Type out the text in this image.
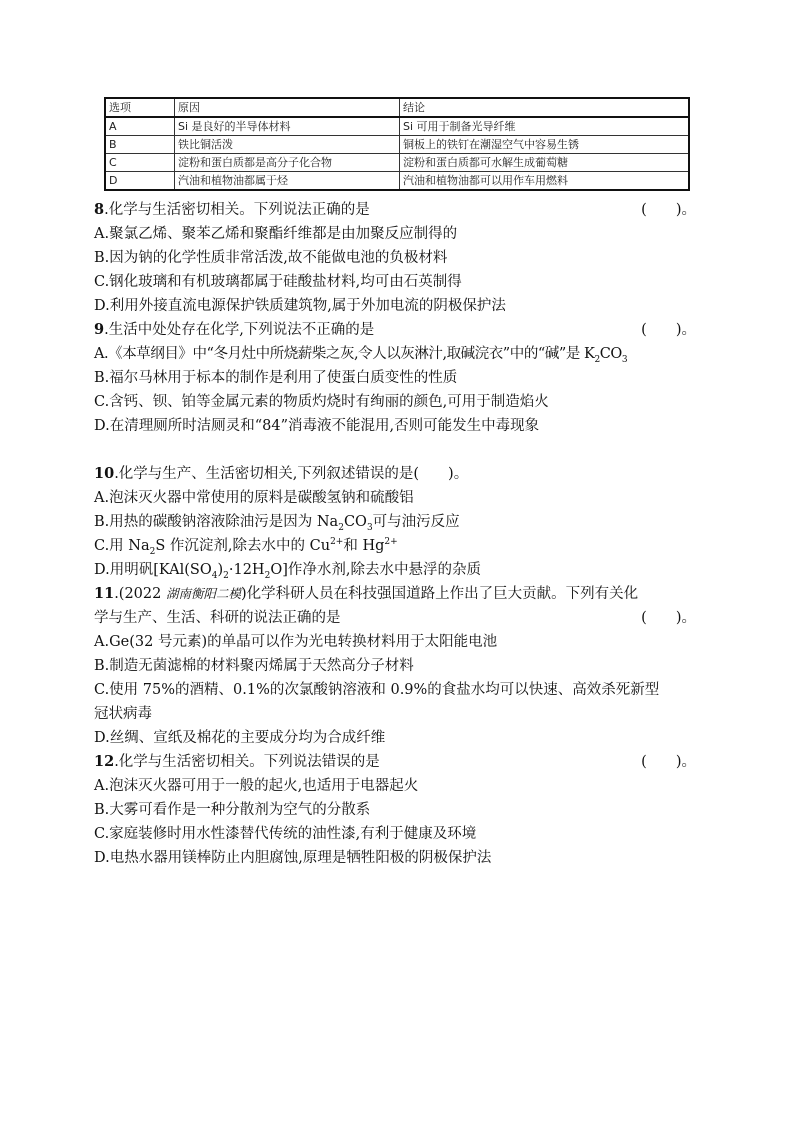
选项	原因	结论
A	Si 是良好的半导体材料	Si 可用于制备光导纤维
B	铁比铜活泼	铜板上的铁钉在潮湿空气中容易生锈
C	淀粉和蛋白质都是高分子化合物	淀粉和蛋白质都可水解生成葡萄糖
D	汽油和植物油都属于烃	汽油和植物油都可以用作车用燃料
8.化学与生活密切相关。下列说法正确的是	(　　)。
A.聚氯乙烯、聚苯乙烯和聚酯纤维都是由加聚反应制得的
B.因为钠的化学性质非常活泼,故不能做电池的负极材料
C.钢化玻璃和有机玻璃都属于硅酸盐材料,均可由石英制得
D.利用外接直流电源保护铁质建筑物,属于外加电流的阴极保护法
9.生活中处处存在化学,下列说法不正确的是	(　　)。
A.《本草纲目》中“冬月灶中所烧薪柴之灰,令人以灰淋汁,取碱浣衣”中的“碱”是 $K_2CO_3$
B.福尔马林用于标本的制作是利用了使蛋白质变性的性质
C.含钙、钡、铂等金属元素的物质灼烧时有绚丽的颜色,可用于制造焰火
D.在清理厕所时洁厕灵和“84”消毒液不能混用,否则可能发生中毒现象
10.化学与生产、生活密切相关,下列叙述错误的是(　　)。
A.泡沫灭火器中常使用的原料是碳酸氢钠和硫酸铝
B.用热的碳酸钠溶液除油污是因为 $Na_2CO_3$可与油污反应
C.用 $Na_2S$ 作沉淀剂,除去水中的 $Cu^{2+}$和 $Hg^{2+}$
D.用明矾$[KAl(SO_4)_2\cdot 12H_2O]$作净水剂,除去水中悬浮的杂质
11.(2022 湖南衡阳二模)化学科研人员在科技强国道路上作出了巨大贡献。下列有关化
学与生产、生活、科研的说法正确的是	(　　)。
A.Ge(32 号元素)的单晶可以作为光电转换材料用于太阳能电池
B.制造无菌滤棉的材料聚丙烯属于天然高分子材料
C.使用 75%的酒精、0.1%的次氯酸钠溶液和 0.9%的食盐水均可以快速、高效杀死新型
冠状病毒
D.丝绸、宣纸及棉花的主要成分均为合成纤维
12.化学与生活密切相关。下列说法错误的是	(　　)。
A.泡沫灭火器可用于一般的起火,也适用于电器起火
B.大雾可看作是一种分散剂为空气的分散系
C.家庭装修时用水性漆替代传统的油性漆,有利于健康及环境
D.电热水器用镁棒防止内胆腐蚀,原理是牺牲阳极的阴极保护法
